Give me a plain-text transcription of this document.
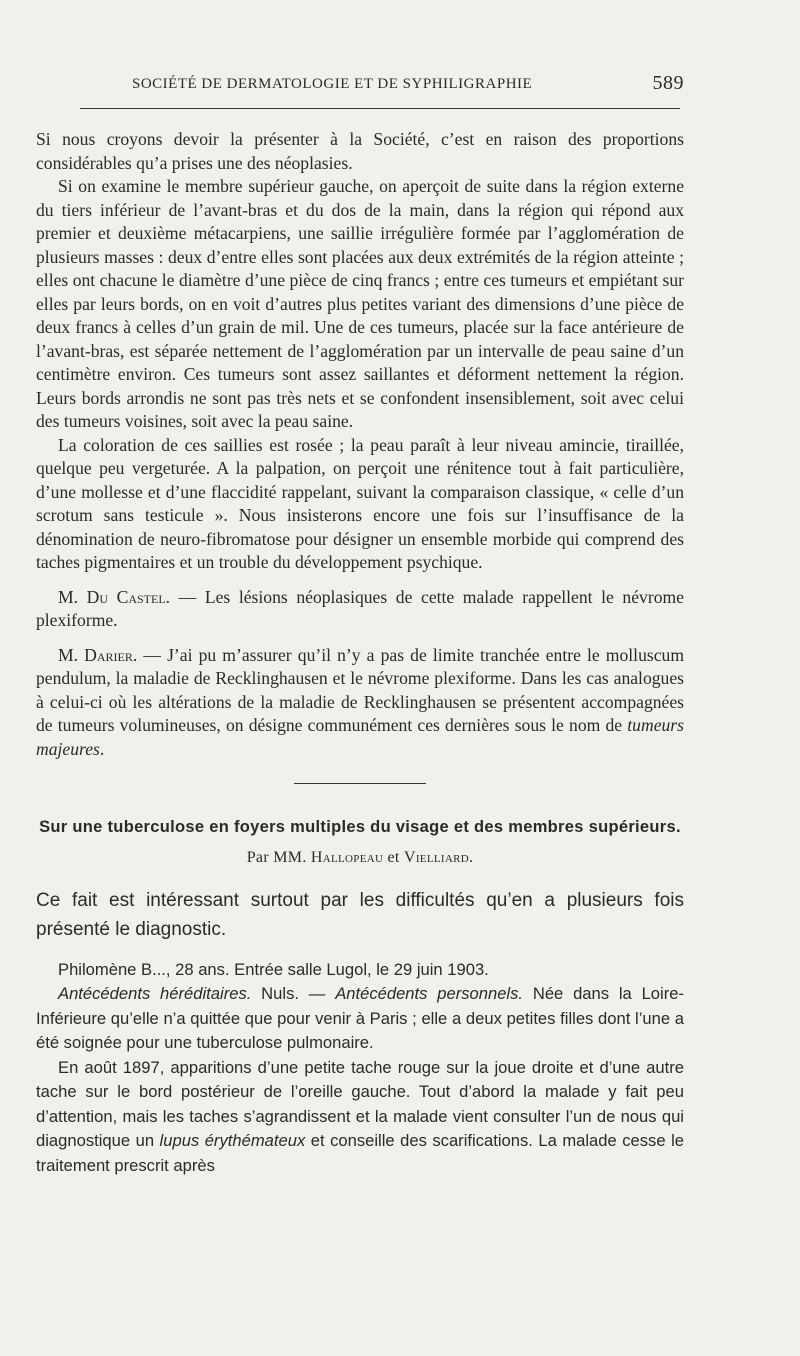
SOCIÉTÉ DE DERMATOLOGIE ET DE SYPHILIGRAPHIE	589

Si nous croyons devoir la présenter à la Société, c’est en raison des proportions considérables qu’a prises une des néoplasies.

Si on examine le membre supérieur gauche, on aperçoit de suite dans la région externe du tiers inférieur de l’avant-bras et du dos de la main, dans la région qui répond aux premier et deuxième métacarpiens, une saillie irrégulière formée par l’agglomération de plusieurs masses : deux d’entre elles sont placées aux deux extrémités de la région atteinte ; elles ont chacune le diamètre d’une pièce de cinq francs ; entre ces tumeurs et empiétant sur elles par leurs bords, on en voit d’autres plus petites variant des dimensions d’une pièce de deux francs à celles d’un grain de mil. Une de ces tumeurs, placée sur la face antérieure de l’avant-bras, est séparée nettement de l’agglomération par un intervalle de peau saine d’un centimètre environ. Ces tumeurs sont assez saillantes et déforment nettement la région. Leurs bords arrondis ne sont pas très nets et se confondent insensiblement, soit avec celui des tumeurs voisines, soit avec la peau saine.

La coloration de ces saillies est rosée ; la peau paraît à leur niveau amincie, tiraillée, quelque peu vergeturée. A la palpation, on perçoit une rénitence tout à fait particulière, d’une mollesse et d’une flaccidité rappelant, suivant la comparaison classique, « celle d’un scrotum sans testicule ». Nous insisterons encore une fois sur l’insuffisance de la dénomination de neuro-fibromatose pour désigner un ensemble morbide qui comprend des taches pigmentaires et un trouble du développement psychique.

M. Du Castel. — Les lésions néoplasiques de cette malade rappellent le névrome plexiforme.

M. Darier. — J’ai pu m’assurer qu’il n’y a pas de limite tranchée entre le molluscum pendulum, la maladie de Recklinghausen et le névrome plexiforme. Dans les cas analogues à celui-ci où les altérations de la maladie de Recklinghausen se présentent accompagnées de tumeurs volumineuses, on désigne communément ces dernières sous le nom de tumeurs majeures.

Sur une tuberculose en foyers multiples du visage et des membres supérieurs.
Par MM. Hallopeau et Vielliard.

Ce fait est intéressant surtout par les difficultés qu’en a plusieurs fois présenté le diagnostic.

Philomène B..., 28 ans. Entrée salle Lugol, le 29 juin 1903.

Antécédents héréditaires. Nuls. — Antécédents personnels. Née dans la Loire-Inférieure qu’elle n’a quittée que pour venir à Paris ; elle a deux petites filles dont l’une a été soignée pour une tuberculose pulmonaire.

En août 1897, apparitions d’une petite tache rouge sur la joue droite et d’une autre tache sur le bord postérieur de l’oreille gauche. Tout d’abord la malade y fait peu d’attention, mais les taches s’agrandissent et la malade vient consulter l’un de nous qui diagnostique un lupus érythémateux et conseille des scarifications. La malade cesse le traitement prescrit après
